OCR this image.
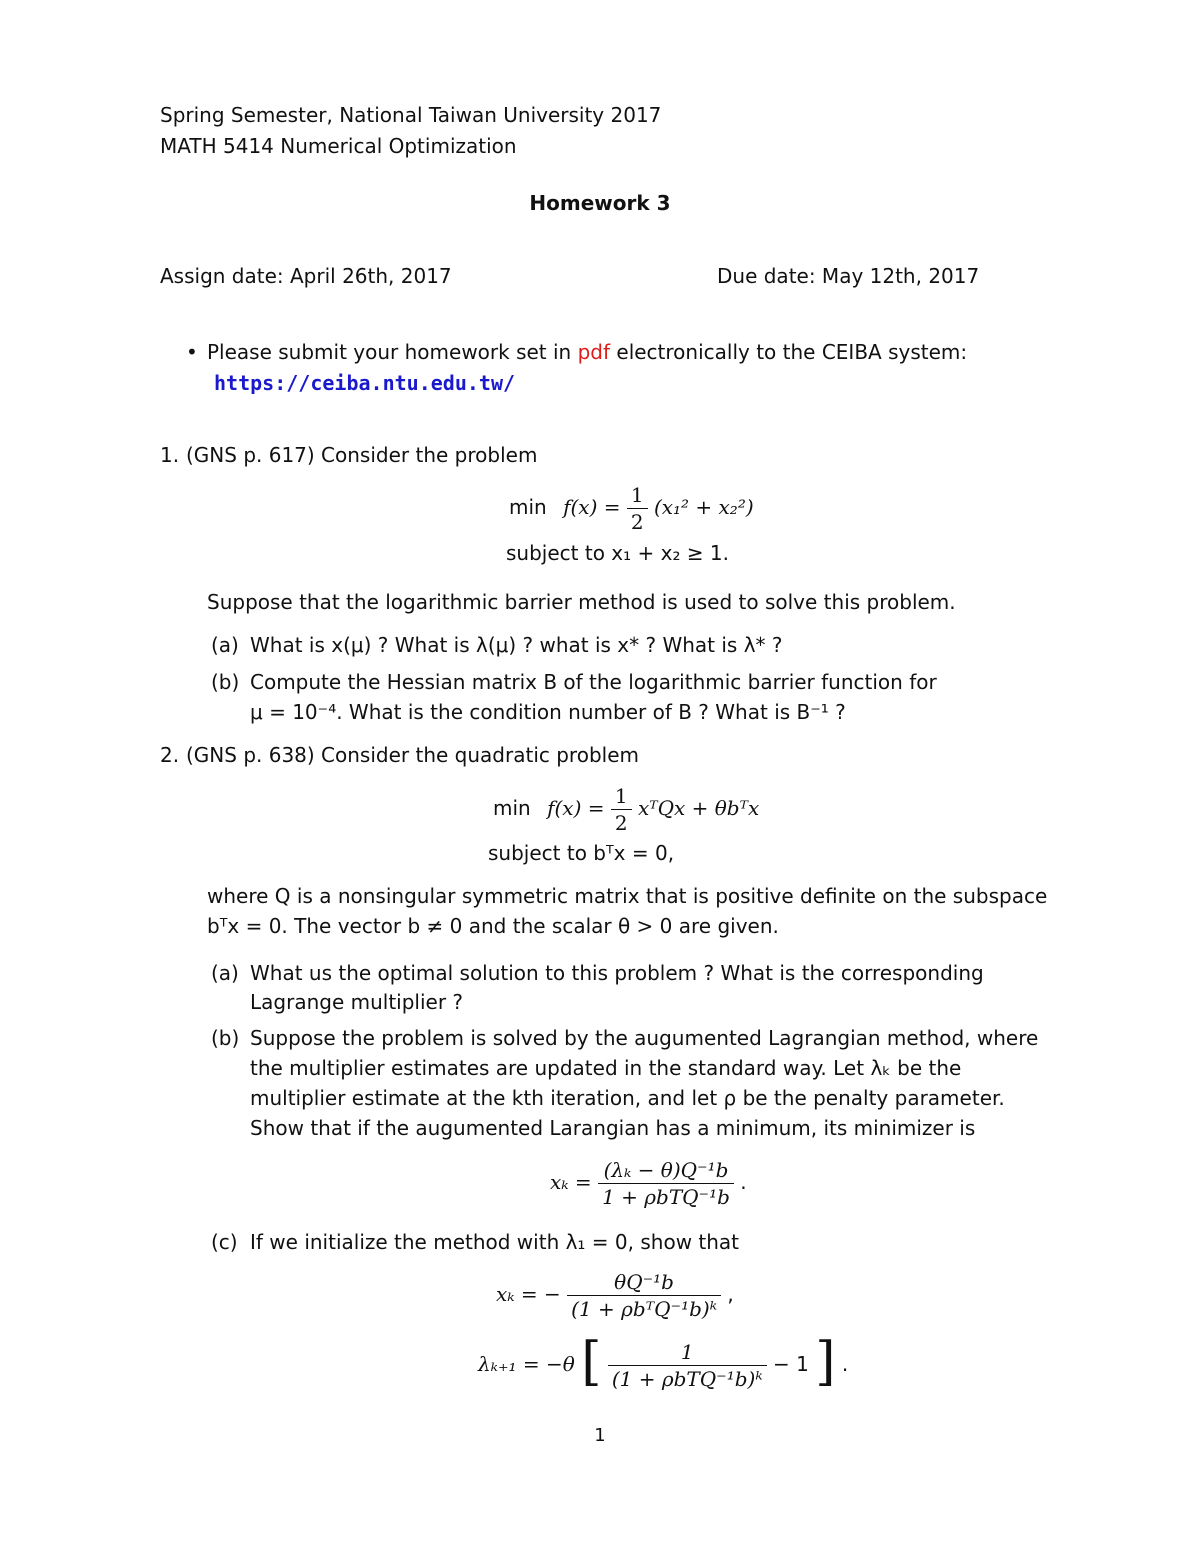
Spring Semester, National Taiwan University 2017
MATH 5414 Numerical Optimization
Homework 3
Assign date: April 26th, 2017	Due date: May 12th, 2017
• Please submit your homework set in pdf electronically to the CEIBA system:
https://ceiba.ntu.edu.tw/
1. (GNS p. 617) Consider the problem
$\min f(x) = \frac{1}{2} (x_1^2 + x_2^2)$
subject to x₁ + x₂ ≥ 1.
Suppose that the logarithmic barrier method is used to solve this problem.
(a) What is x(μ) ? What is λ(μ) ? what is x* ? What is λ* ?
(b) Compute the Hessian matrix B of the logarithmic barrier function for
μ = 10⁻⁴. What is the condition number of B ? What is B⁻¹ ?
2. (GNS p. 638) Consider the quadratic problem
$\min f(x) = \frac{1}{2}$ xᵀQx + θbᵀx
subject to bᵀx = 0,
where Q is a nonsingular symmetric matrix that is positive definite on the subspace
bᵀx = 0. The vector b ≠ 0 and the scalar θ > 0 are given.
(a) What us the optimal solution to this problem ? What is the corresponding
Lagrange multiplier ?
(b) Suppose the problem is solved by the augumented Lagrangian method, where
the multiplier estimates are updated in the standard way. Let λₖ be the
multiplier estimate at the kth iteration, and let ρ be the penalty parameter.
Show that if the augumented Larangian has a minimum, its minimizer is
$x_k = \frac{\text{(λₖ − θ)Q⁻¹b}}{\text{1 + ρbTQ⁻¹b}}$ .
(c) If we initialize the method with λ₁ = 0, show that
xₖ = − $\frac{\text{θQ⁻¹b}}{\text{(1 + ρbᵀQ⁻¹b)ᵏ}}$ ,
λₖ₊₁ = −θ [ $\frac{1}{\text{(1 + ρbTQ⁻¹b)ᵏ}} - 1$ ] .
1
